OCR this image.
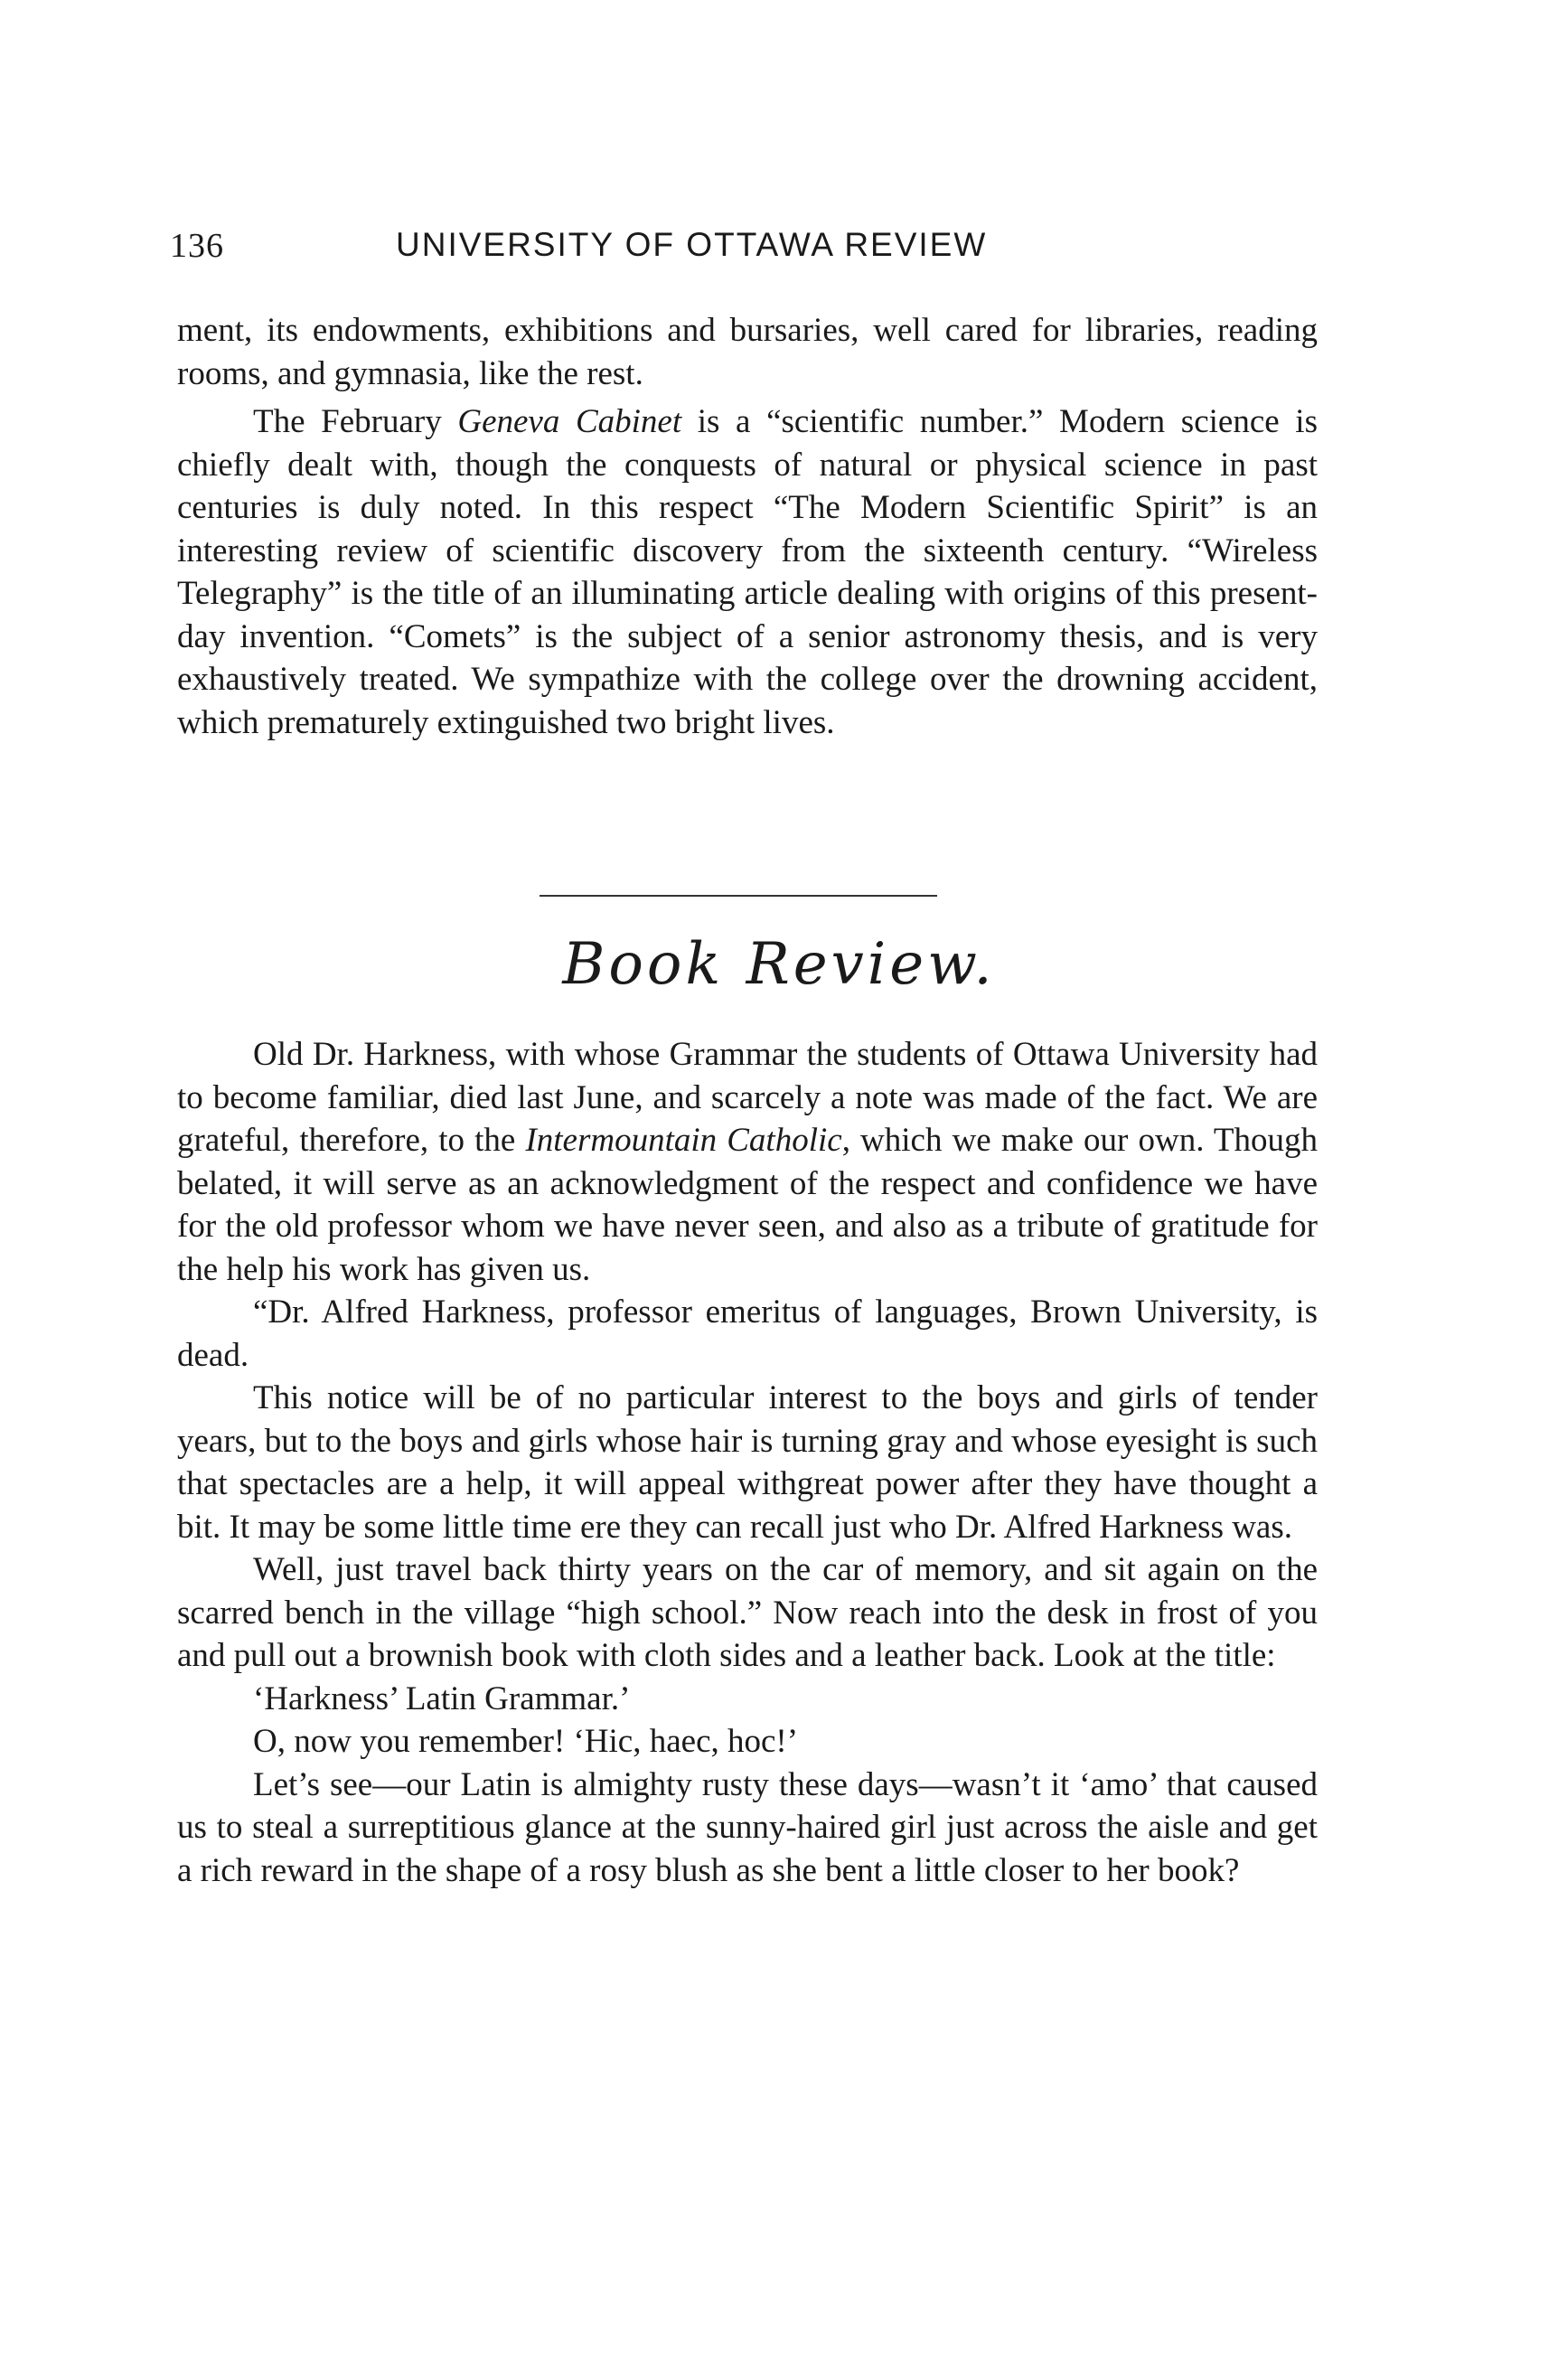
136	UNIVERSITY OF OTTAWA REVIEW

ment, its endowments, exhibitions and bursaries, well cared for libraries, reading rooms, and gymnasia, like the rest.

The February Geneva Cabinet is a “scientific number.” Modern science is chiefly dealt with, though the conquests of natural or physical science in past centuries is duly noted. In this respect “The Modern Scientific Spirit” is an interesting review of scientific discovery from the sixteenth century. “Wireless Telegraphy” is the title of an illuminating article dealing with origins of this present-day invention. “Comets” is the subject of a senior astronomy thesis, and is very exhaustively treated. We sympathize with the college over the drowning accident, which prematurely extinguished two bright lives.

Book Review.

Old Dr. Harkness, with whose Grammar the students of Ottawa University had to become familiar, died last June, and scarcely a note was made of the fact. We are grateful, therefore, to the Intermountain Catholic, which we make our own. Though belated, it will serve as an acknowledgment of the respect and confidence we have for the old professor whom we have never seen, and also as a tribute of gratitude for the help his work has given us.

“Dr. Alfred Harkness, professor emeritus of languages, Brown University, is dead.

This notice will be of no particular interest to the boys and girls of tender years, but to the boys and girls whose hair is turning gray and whose eyesight is such that spectacles are a help, it will appeal withgreat power after they have thought a bit. It may be some little time ere they can recall just who Dr. Alfred Harkness was.

Well, just travel back thirty years on the car of memory, and sit again on the scarred bench in the village “high school.” Now reach into the desk in frost of you and pull out a brownish book with cloth sides and a leather back. Look at the title:

‘Harkness’ Latin Grammar.’

O, now you remember! ‘Hic, haec, hoc!’

Let’s see—our Latin is almighty rusty these days—wasn’t it ‘amo’ that caused us to steal a surreptitious glance at the sunny-haired girl just across the aisle and get a rich reward in the shape of a rosy blush as she bent a little closer to her book?
